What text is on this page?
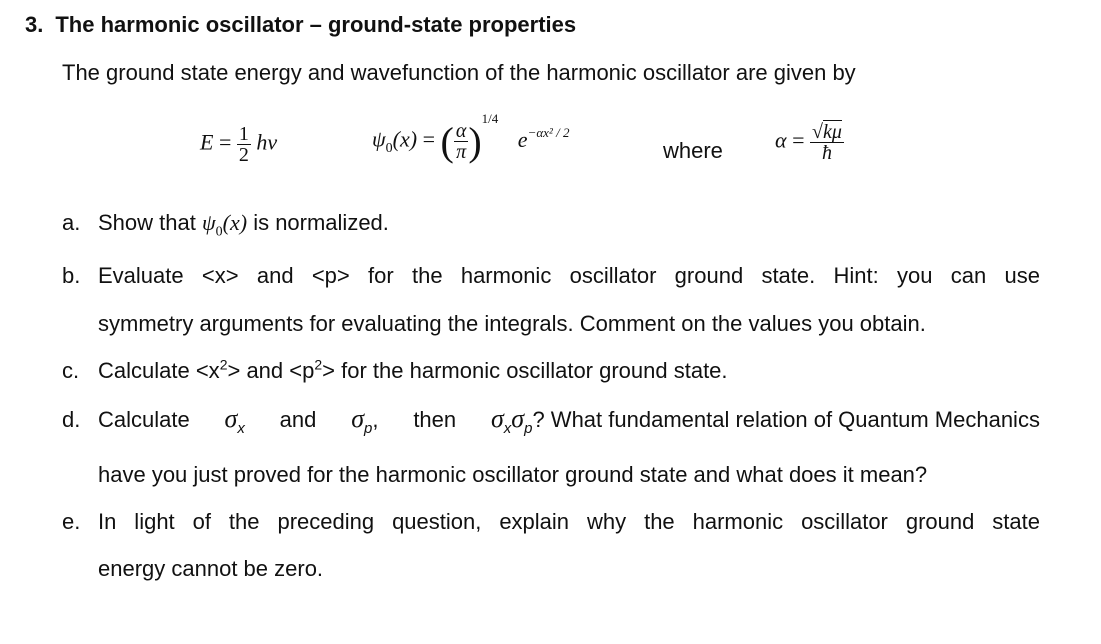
3. The harmonic oscillator – ground-state properties
The ground state energy and wavefunction of the harmonic oscillator are given by
$E = \frac{1}{2}$ hν	$\psi_0(x)$ = ( $\frac{\alpha}{\pi} )^{1/4}$ $e^{-\alpha x^2 / 2}$
where $\alpha = \frac{√k\mu}{ħ}$
a. Show that $\psi_0(x)$ is normalized.
b. Evaluate <x> and <p> for the harmonic oscillator ground state. Hint: you can use
symmetry arguments for evaluating the integrals. Comment on the values you obtain.
c. Calculate $<x^2>$ and $<p^2>$ for the harmonic oscillator ground state.
d. Calculate $\sigma_x$ and $\sigma_p$, then $\sigma_x\sigma_p$? What fundamental relation of Quantum Mechanics
have you just proved for the harmonic oscillator ground state and what does it mean?
e. In light of the preceding question, explain why the harmonic oscillator ground state
energy cannot be zero.
